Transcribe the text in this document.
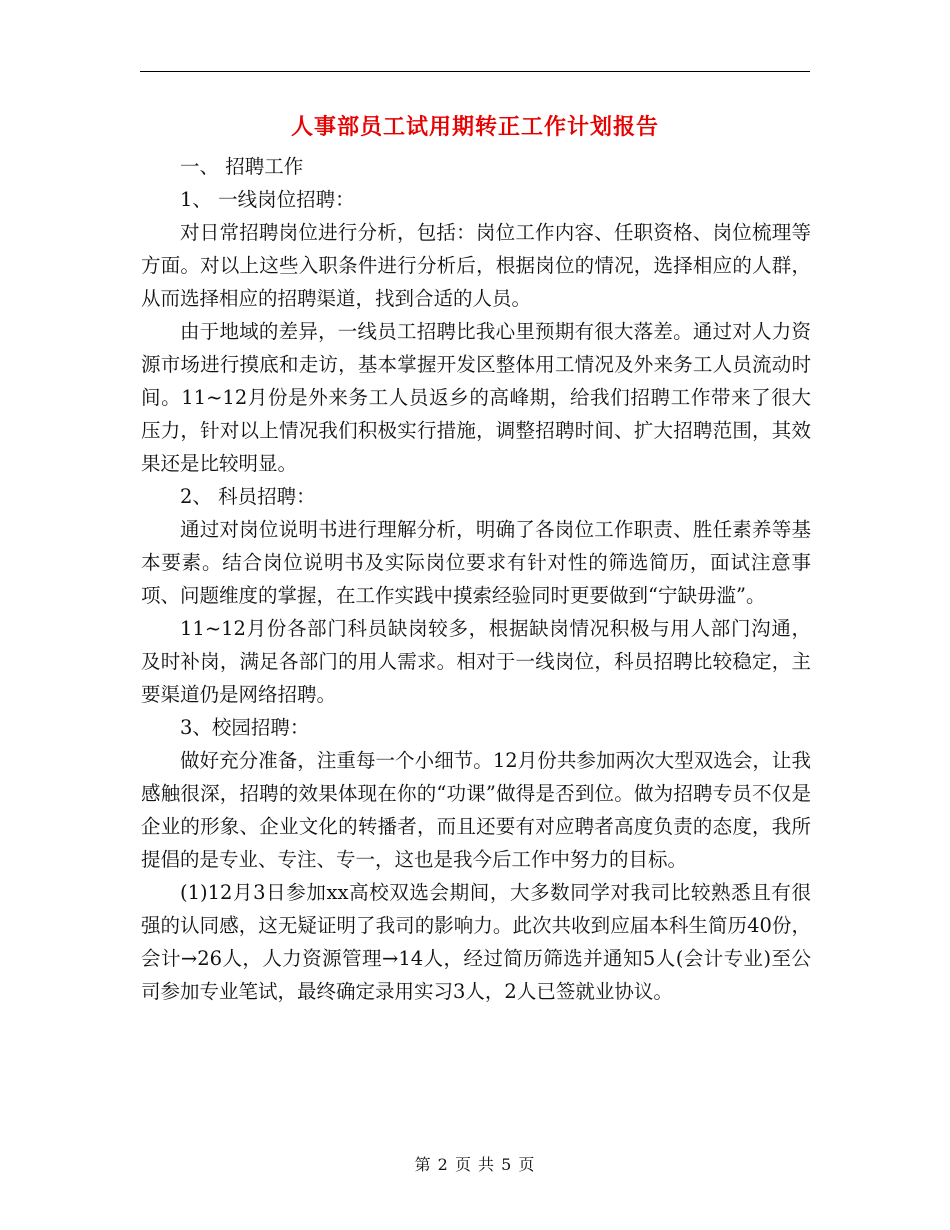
人事部员工试用期转正工作计划报告

一、 招聘工作

1、 一线岗位招聘：

对日常招聘岗位进行分析，包括：岗位工作内容、任职资格、岗位梳理等方面。对以上这些入职条件进行分析后，根据岗位的情况，选择相应的人群，从而选择相应的招聘渠道，找到合适的人员。

由于地域的差异，一线员工招聘比我心里预期有很大落差。通过对人力资源市场进行摸底和走访，基本掌握开发区整体用工情况及外来务工人员流动时间。11~12月份是外来务工人员返乡的高峰期，给我们招聘工作带来了很大压力，针对以上情况我们积极实行措施，调整招聘时间、扩大招聘范围，其效果还是比较明显。

2、 科员招聘：

通过对岗位说明书进行理解分析，明确了各岗位工作职责、胜任素养等基本要素。结合岗位说明书及实际岗位要求有针对性的筛选简历，面试注意事项、问题维度的掌握，在工作实践中摸索经验同时更要做到“宁缺毋滥”。

11~12月份各部门科员缺岗较多，根据缺岗情况积极与用人部门沟通，及时补岗，满足各部门的用人需求。相对于一线岗位，科员招聘比较稳定，主要渠道仍是网络招聘。

3、校园招聘：

做好充分准备，注重每一个小细节。12月份共参加两次大型双选会，让我感触很深，招聘的效果体现在你的“功课”做得是否到位。做为招聘专员不仅是企业的形象、企业文化的转播者，而且还要有对应聘者高度负责的态度，我所提倡的是专业、专注、专一，这也是我今后工作中努力的目标。

(1)12月3日参加xx高校双选会期间，大多数同学对我司比较熟悉且有很强的认同感，这无疑证明了我司的影响力。此次共收到应届本科生简历40份，会计→26人，人力资源管理→14人，经过简历筛选并通知5人(会计专业)至公司参加专业笔试，最终确定录用实习3人，2人已签就业协议。

第 2 页 共 5 页
